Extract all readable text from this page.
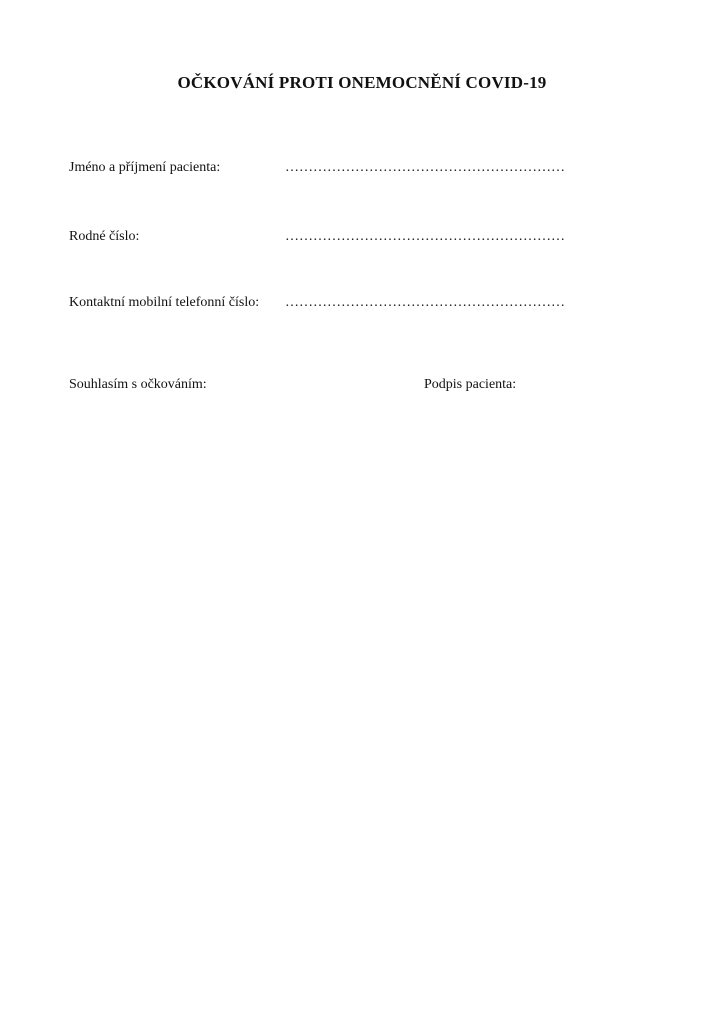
OČKOVÁNÍ PROTI ONEMOCNĚNÍ COVID-19
Jméno a příjmení pacienta:	……………………………………………………
Rodné číslo:	……………………………………………………
Kontaktní mobilní telefonní číslo: ……………………………………………………
Souhlasím s očkováním:	Podpis pacienta:
